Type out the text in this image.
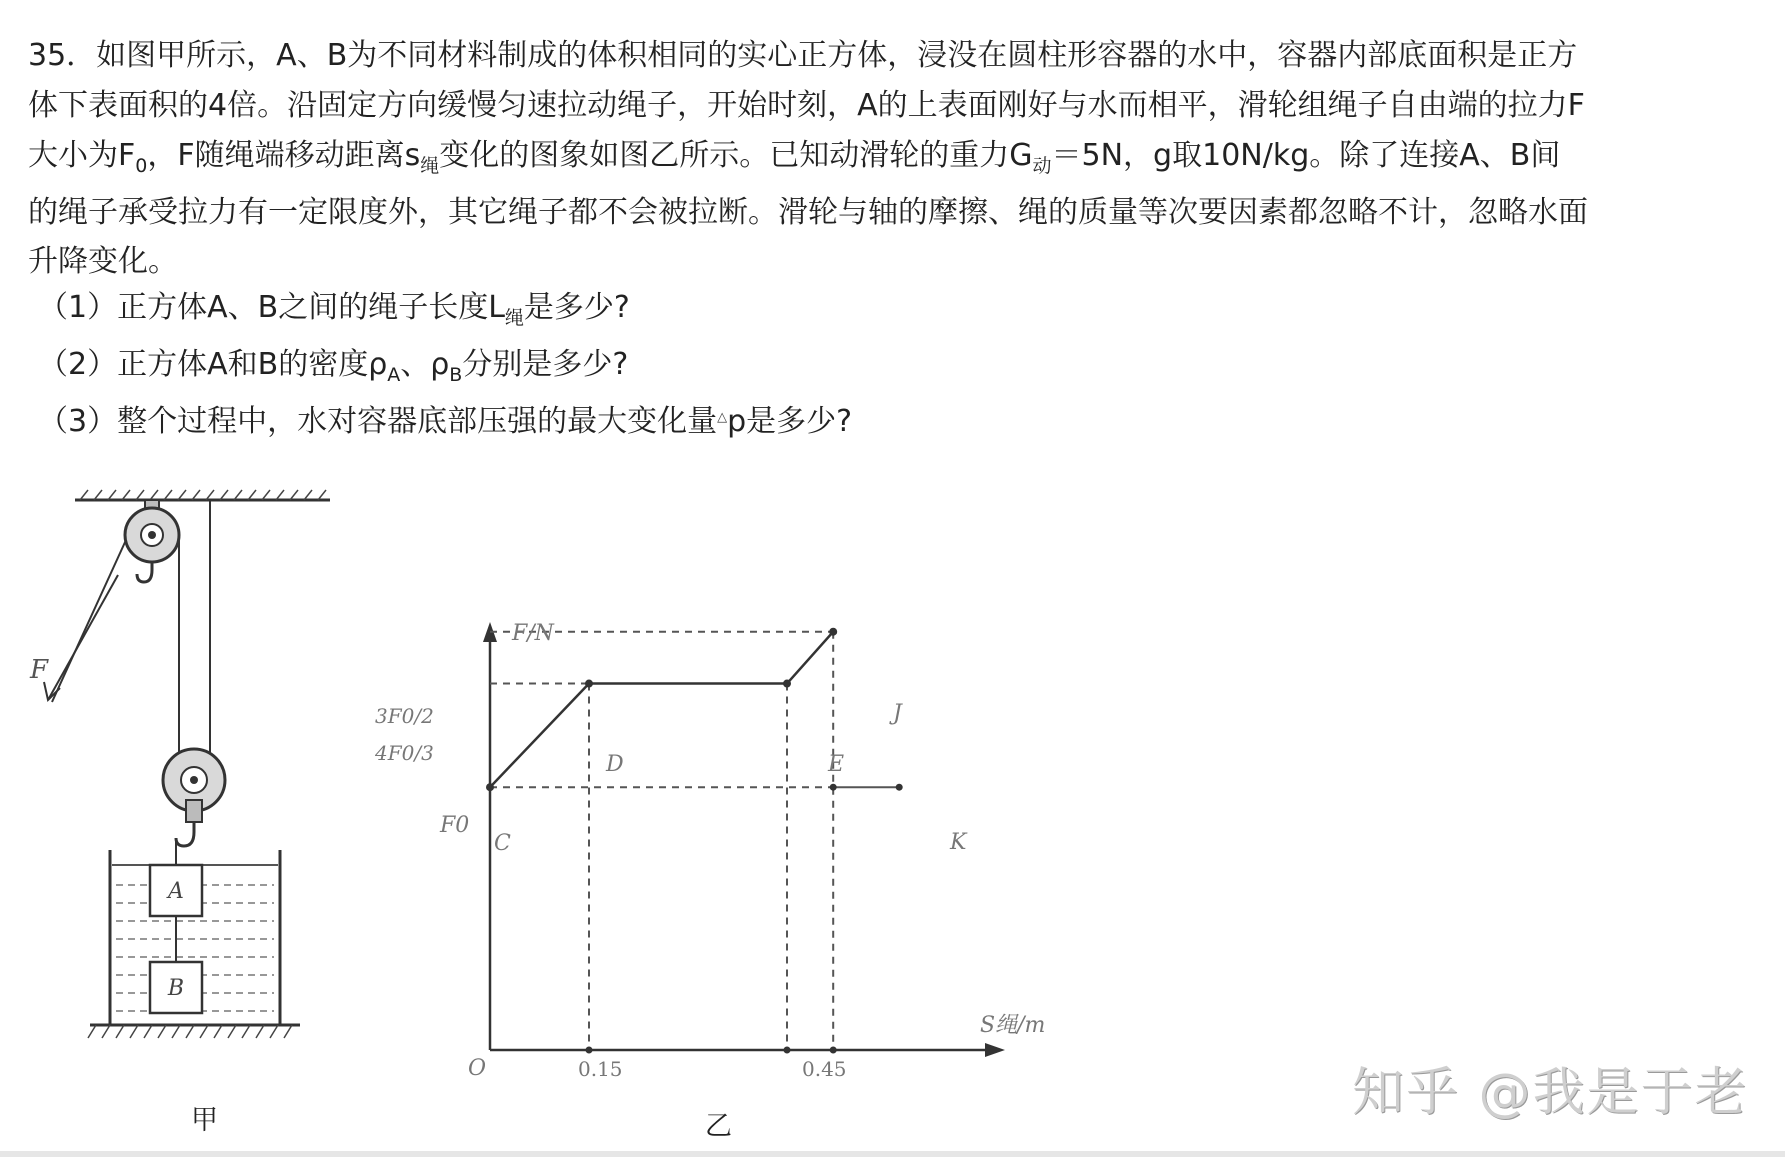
35．如图甲所示，A、B为不同材料制成的体积相同的实心正方体，浸没在圆柱形容器的水中，容器内部底面积是正方
体下表面积的4倍。沿固定方向缓慢匀速拉动绳子，开始时刻，A的上表面刚好与水而相平，滑轮组绳子自由端的拉力F
大小为$F_0$，F随绳端移动距离$s_绳$变化的图象如图乙所示。已知动滑轮的重力$G_动=5N$，g取10N/kg。除了连接A、B间
的绳子承受拉力有一定限度外，其它绳子都不会被拉断。滑轮与轴的摩擦、绳的质量等次要因素都忽略不计，忽略水面
升降变化。
（1）正方体A、B之间的绳子长度$L_绳$是多少?
（2）正方体A和B的密度$\rho_A$、$\rho_B$分别是多少?
（3）整个过程中，水对容器底部压强的最大变化量△p是多少?
F
A
B
甲
F/N
S绳/m
O
3F0/2
4F0/3
F0
0.15	0.45
C
D	E
J
K
乙
知乎 @我是于老
